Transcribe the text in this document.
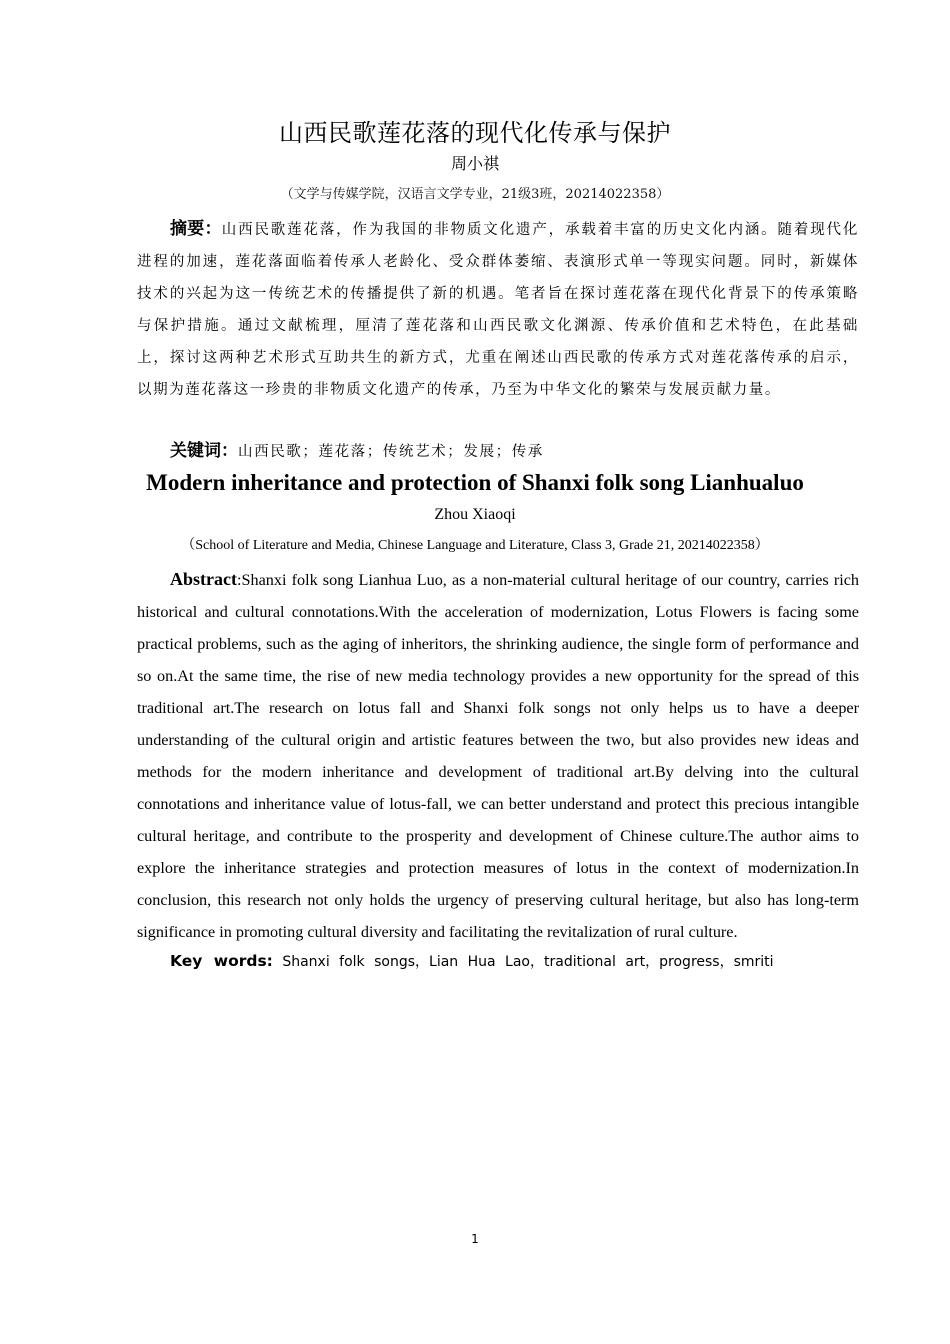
山西民歌莲花落的现代化传承与保护
周小祺
（文学与传媒学院，汉语言文学专业，21级3班，20214022358）

摘要：山西民歌莲花落，作为我国的非物质文化遗产，承载着丰富的历史文化内涵。随着现代化进程的加速，莲花落面临着传承人老龄化、受众群体萎缩、表演形式单一等现实问题。同时，新媒体技术的兴起为这一传统艺术的传播提供了新的机遇。笔者旨在探讨莲花落在现代化背景下的传承策略与保护措施。通过文献梳理，厘清了莲花落和山西民歌文化渊源、传承价值和艺术特色，在此基础上，探讨这两种艺术形式互助共生的新方式，尤重在阐述山西民歌的传承方式对莲花落传承的启示，以期为莲花落这一珍贵的非物质文化遗产的传承，乃至为中华文化的繁荣与发展贡献力量。

关键词：山西民歌；莲花落；传统艺术；发展；传承

Modern inheritance and protection of Shanxi folk song Lianhualuo
Zhou Xiaoqi
（School of Literature and Media, Chinese Language and Literature, Class 3, Grade 21, 20214022358）

Abstract:Shanxi folk song Lianhua Luo, as a non-material cultural heritage of our country, carries rich historical and cultural connotations.With the acceleration of modernization, Lotus Flowers is facing some practical problems, such as the aging of inheritors, the shrinking audience, the single form of performance and so on.At the same time, the rise of new media technology provides a new opportunity for the spread of this traditional art.The research on lotus fall and Shanxi folk songs not only helps us to have a deeper understanding of the cultural origin and artistic features between the two, but also provides new ideas and methods for the modern inheritance and development of traditional art.By delving into the cultural connotations and inheritance value of lotus-fall, we can better understand and protect this precious intangible cultural heritage, and contribute to the prosperity and development of Chinese culture.The author aims to explore the inheritance strategies and protection measures of lotus in the context of modernization.In conclusion, this research not only holds the urgency of preserving cultural heritage, but also has long-term significance in promoting cultural diversity and facilitating the revitalization of rural culture.

Key words: Shanxi folk songs，Lian Hua Lao，traditional art，progress，smriti

1
